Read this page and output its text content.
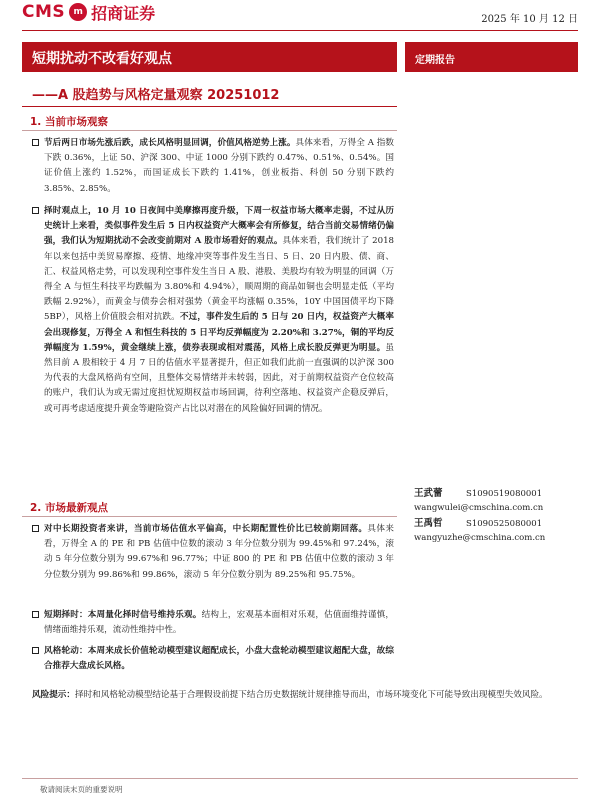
CMS m 招商证券	2025 年 10 月 12 日
短期扰动不改看好观点	定期报告
——A 股趋势与风格定量观察 20251012
1. 当前市场观察
节后两日市场先涨后跌，成长风格明显回调，价值风格逆势上涨。具体来看，万得全 A 指数下跌 0.36%，上证 50、沪深 300、中证 1000 分别下跌约 0.47%、0.51%、0.54%。国证价值上涨约 1.52%，而国证成长下跌约 1.41%，创业板指、科创 50 分别下跌约 3.85%、2.85%。
择时观点上，10 月 10 日夜间中美摩擦再度升级，下周一权益市场大概率走弱，不过从历史统计上来看，类似事件发生后 5 日内权益资产大概率会有所修复，结合当前交易情绪仍偏强，我们认为短期扰动不会改变前期对 A 股市场看好的观点。具体来看，我们统计了 2018 年以来包括中美贸易摩擦、疫情、地缘冲突等事件发生当日、5 日、20 日内股、债、商、汇、权益风格走势，可以发现利空事件发生当日 A 股、港股、美股均有较为明显的回调（万得全 A 与恒生科技平均跌幅为 3.80%和 4.94%），顺周期的商品如铜也会明显走低（平均跌幅 2.92%），而黄金与债券会相对强势（黄金平均涨幅 0.35%，10Y 中国国债平均下降 5BP），风格上价值股会相对抗跌。不过，事件发生后的 5 日与 20 日内，权益资产大概率会出现修复，万得全 A 和恒生科技的 5 日平均反弹幅度为 2.20%和 3.27%，铜的平均反弹幅度为 1.59%，黄金继续上涨，债券表现或相对震荡，风格上成长股反弹更为明显。虽然目前 A 股相较于 4 月 7 日的估值水平显著提升，但正如我们此前一直强调的以沪深 300 为代表的大盘风格尚有空间，且整体交易情绪并未转弱，因此，对于前期权益资产仓位较高的账户，我们认为或无需过度担忧短期权益市场回调，待利空落地、权益资产企稳反弹后，或可再考虑适度提升黄金等避险资产占比以对潜在的风险偏好回调的情况。
2. 市场最新观点
对中长期投资者来讲，当前市场估值水平偏高，中长期配置性价比已较前期回落。具体来看，万得全 A 的 PE 和 PB 估值中位数的滚动 3 年分位数分别为 99.45%和 97.24%，滚动 5 年分位数分别为 99.67%和 96.77%；中证 800 的 PE 和 PB 估值中位数的滚动 3 年分位数分别为 99.86%和 99.86%，滚动 5 年分位数分别为 89.25%和 95.75%。
短期择时：本周量化择时信号维持乐观。结构上，宏观基本面相对乐观，估值面维持谨慎，情绪面维持乐观，流动性维持中性。
风格轮动：本周来成长价值轮动模型建议超配成长，小盘大盘轮动模型建议超配大盘，故综合推荐大盘成长风格。
王武蕾	S1090519080001
wangwulei@cmschina.com.cn
王禹哲	S1090525080001
wangyuzhe@cmschina.com.cn
风险提示：择时和风格轮动模型结论基于合理假设前提下结合历史数据统计规律推导而出，市场环境变化下可能导致出现模型失效风险。
敬请阅读末页的重要说明
